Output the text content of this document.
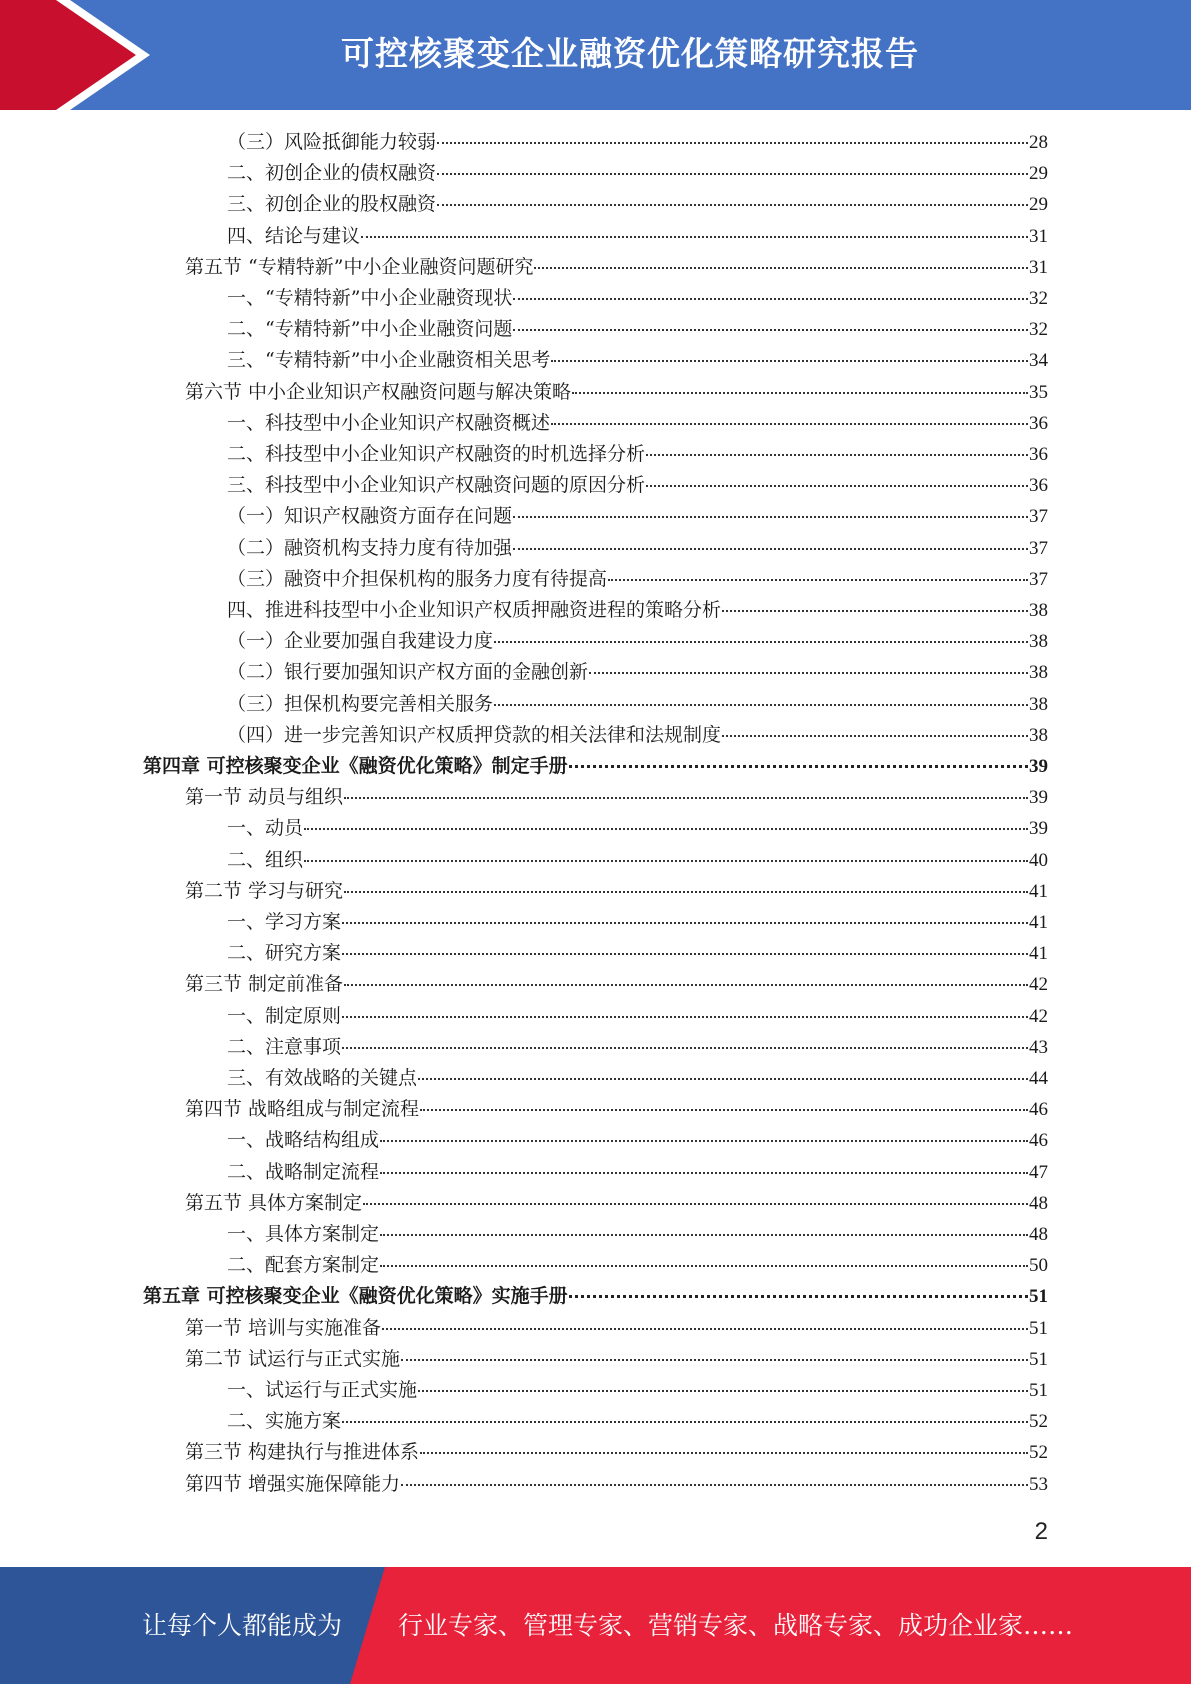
可控核聚变企业融资优化策略研究报告
（三）风险抵御能力较弱	28
二、初创企业的债权融资	29
三、初创企业的股权融资	29
四、结论与建议	31
第五节 “专精特新”中小企业融资问题研究	31
一、“专精特新”中小企业融资现状	32
二、“专精特新”中小企业融资问题	32
三、“专精特新”中小企业融资相关思考	34
第六节 中小企业知识产权融资问题与解决策略	35
一、科技型中小企业知识产权融资概述	36
二、科技型中小企业知识产权融资的时机选择分析	36
三、科技型中小企业知识产权融资问题的原因分析	36
（一）知识产权融资方面存在问题	37
（二）融资机构支持力度有待加强	37
（三）融资中介担保机构的服务力度有待提高	37
四、推进科技型中小企业知识产权质押融资进程的策略分析	38
（一）企业要加强自我建设力度	38
（二）银行要加强知识产权方面的金融创新	38
（三）担保机构要完善相关服务	38
（四）进一步完善知识产权质押贷款的相关法律和法规制度	38
第四章 可控核聚变企业《融资优化策略》制定手册	39
第一节 动员与组织	39
一、动员	39
二、组织	40
第二节 学习与研究	41
一、学习方案	41
二、研究方案	41
第三节 制定前准备	42
一、制定原则	42
二、注意事项	43
三、有效战略的关键点	44
第四节 战略组成与制定流程	46
一、战略结构组成	46
二、战略制定流程	47
第五节 具体方案制定	48
一、具体方案制定	48
二、配套方案制定	50
第五章 可控核聚变企业《融资优化策略》实施手册	51
第一节 培训与实施准备	51
第二节 试运行与正式实施	51
一、试运行与正式实施	51
二、实施方案	52
第三节 构建执行与推进体系	52
第四节 增强实施保障能力	53
2
让每个人都能成为 行业专家、管理专家、营销专家、战略专家、成功企业家……
